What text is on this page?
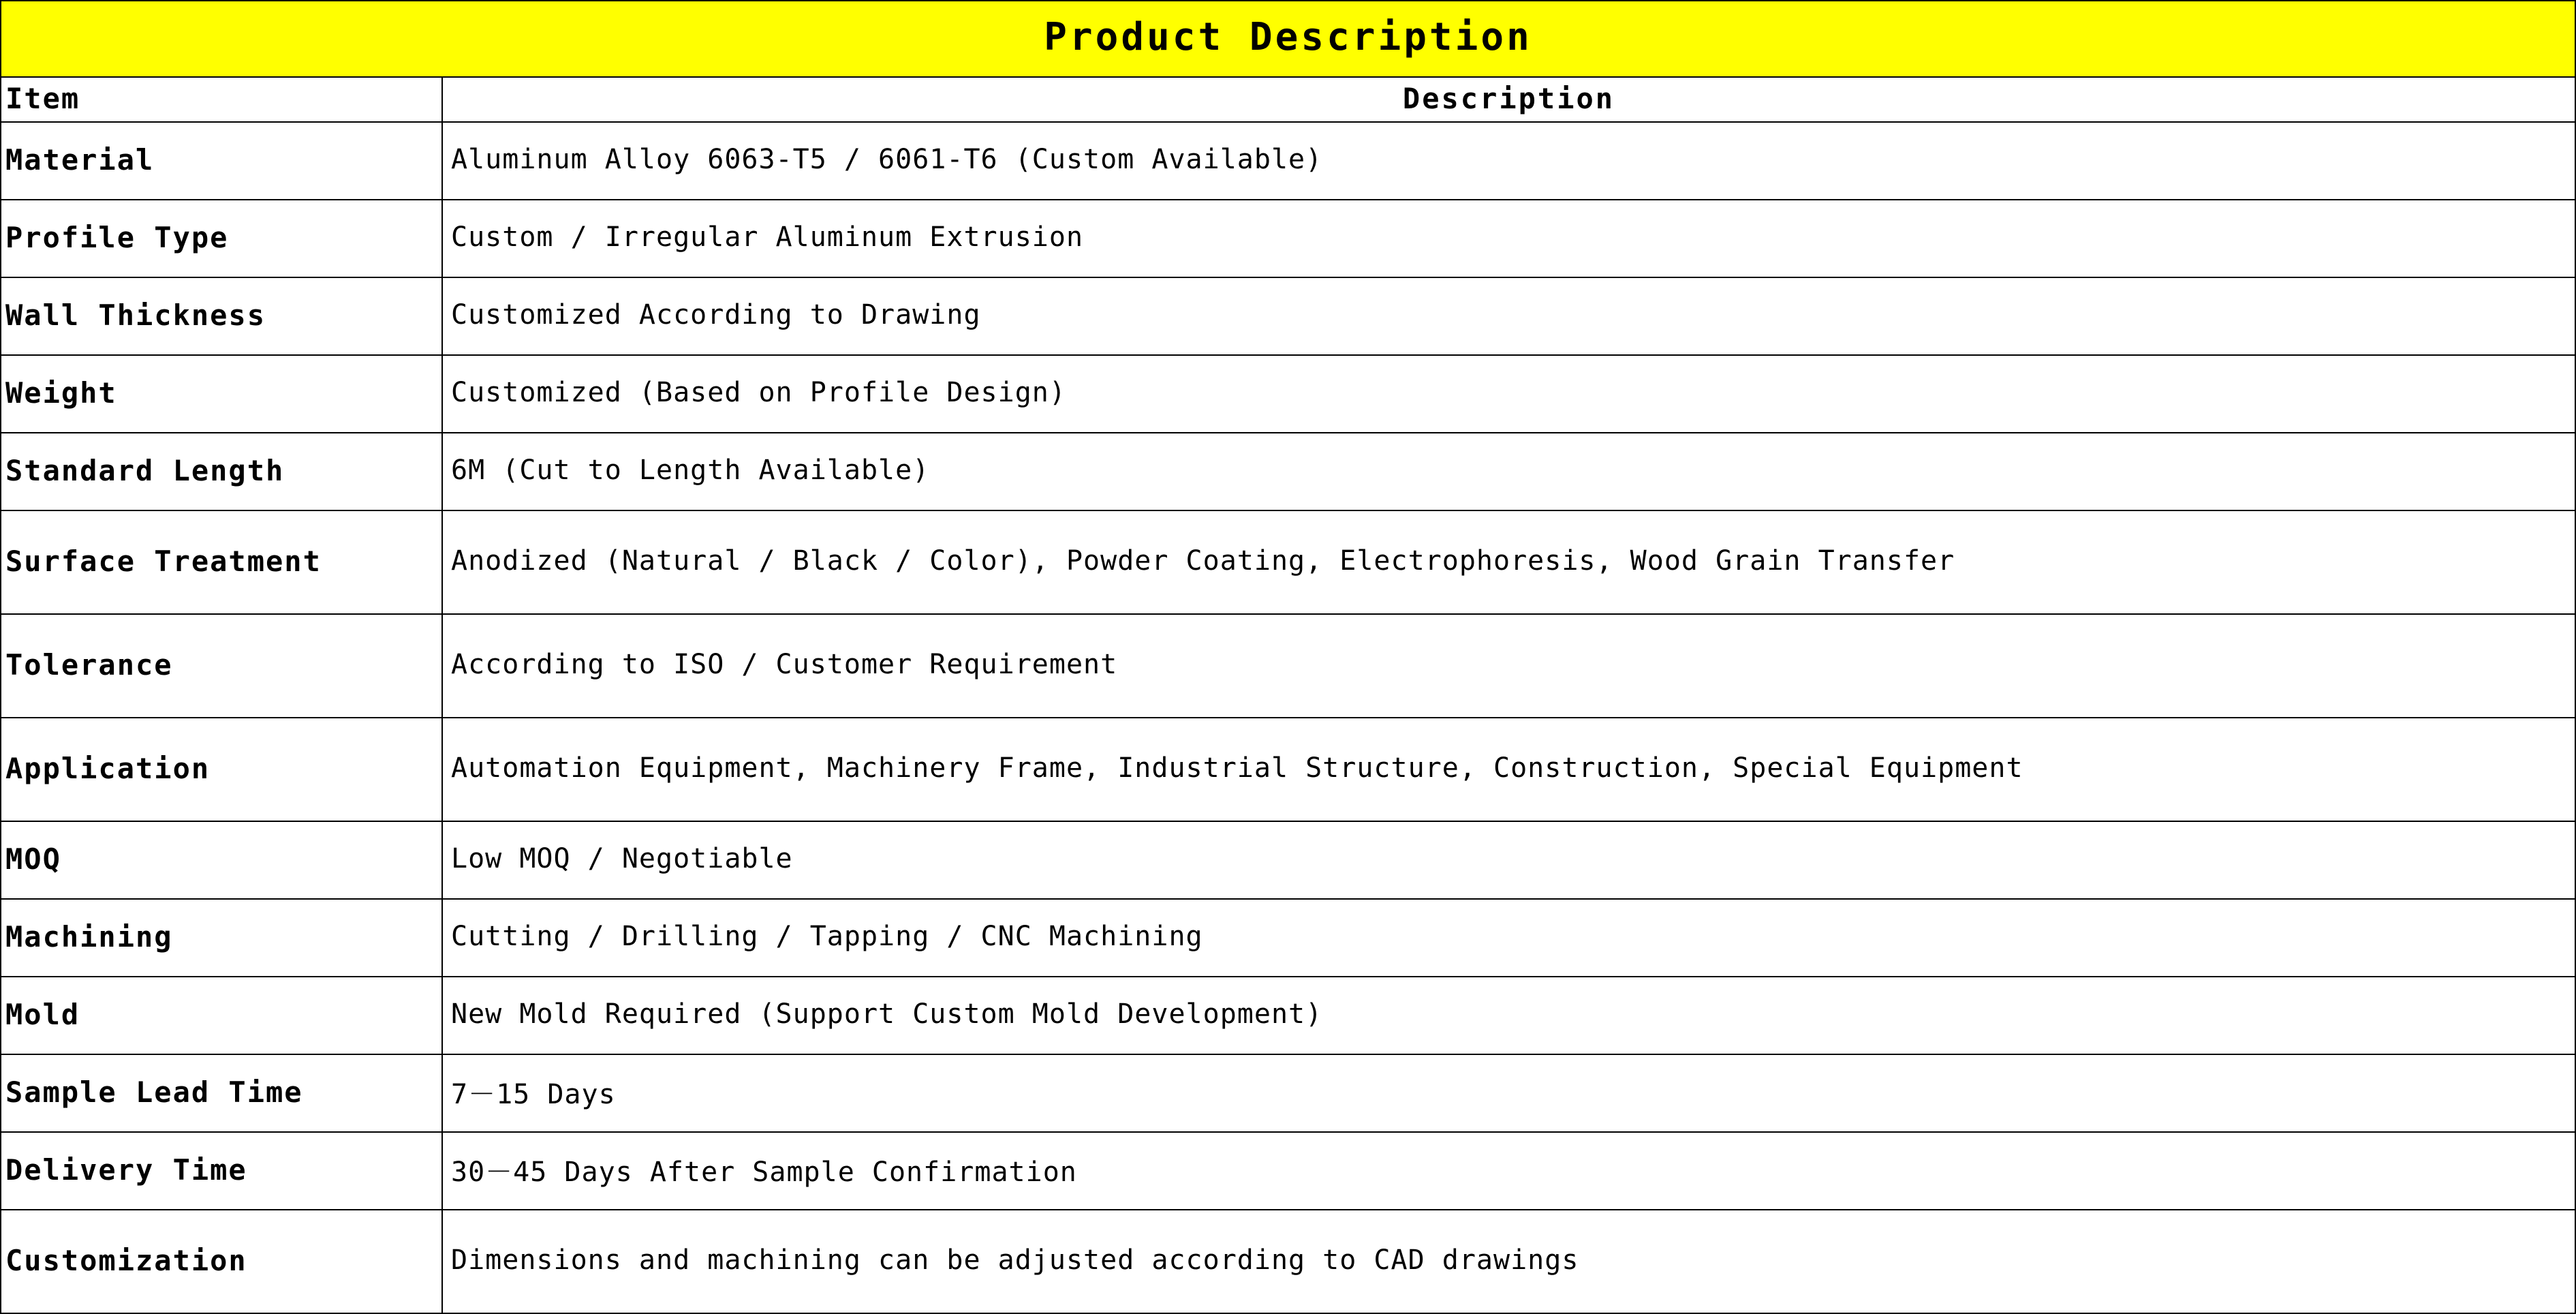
Product Description	
Item	Description
Material	Aluminum Alloy 6063-T5 / 6061-T6 (Custom Available)
Profile Type	Custom / Irregular Aluminum Extrusion
Wall Thickness	Customized According to Drawing
Weight	Customized (Based on Profile Design)
Standard Length	6M (Cut to Length Available)
Surface Treatment	Anodized (Natural / Black / Color), Powder Coating, Electrophoresis, Wood Grain Transfer
Tolerance	According to ISO / Customer Requirement
Application	Automation Equipment, Machinery Frame, Industrial Structure, Construction, Special Equipment
MOQ	Low MOQ / Negotiable
Machining	Cutting / Drilling / Tapping / CNC Machining
Mold	New Mold Required (Support Custom Mold Development)
Sample Lead Time	7－15 Days
Delivery Time	30－45 Days After Sample Confirmation
Customization	Dimensions and machining can be adjusted according to CAD drawings
